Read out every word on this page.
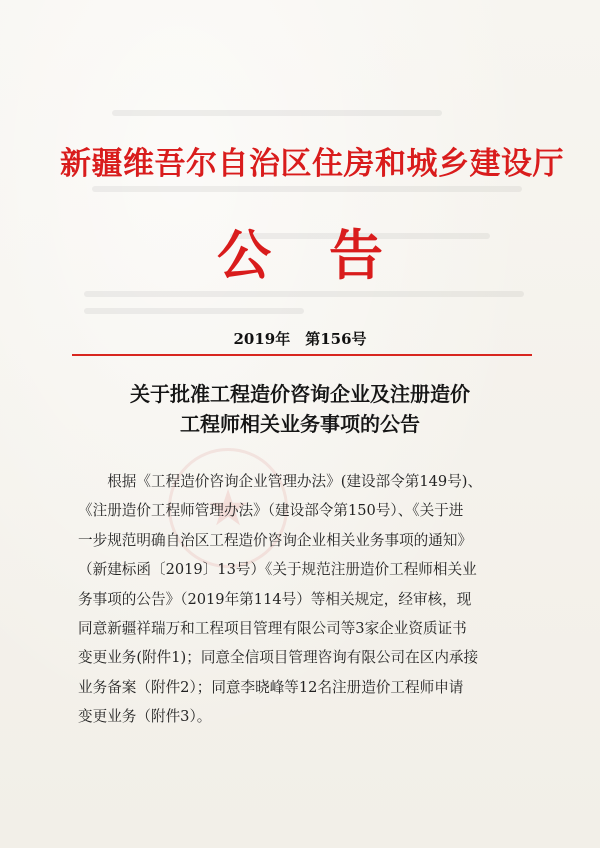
新疆维吾尔自治区住房和城乡建设厅
公告
2019年　第156号
关于批准工程造价咨询企业及注册造价
工程师相关业务事项的公告
★
　　根据《工程造价咨询企业管理办法》(建设部令第149号)、
《注册造价工程师管理办法》（建设部令第150号）、《关于进
一步规范明确自治区工程造价咨询企业相关业务事项的通知》
（新建标函〔2019〕13号）《关于规范注册造价工程师相关业
务事项的公告》（2019年第114号）等相关规定，经审核，现
同意新疆祥瑞万和工程项目管理有限公司等3家企业资质证书
变更业务(附件1)；同意全信项目管理咨询有限公司在区内承接
业务备案（附件2）；同意李晓峰等12名注册造价工程师申请
变更业务（附件3）。
